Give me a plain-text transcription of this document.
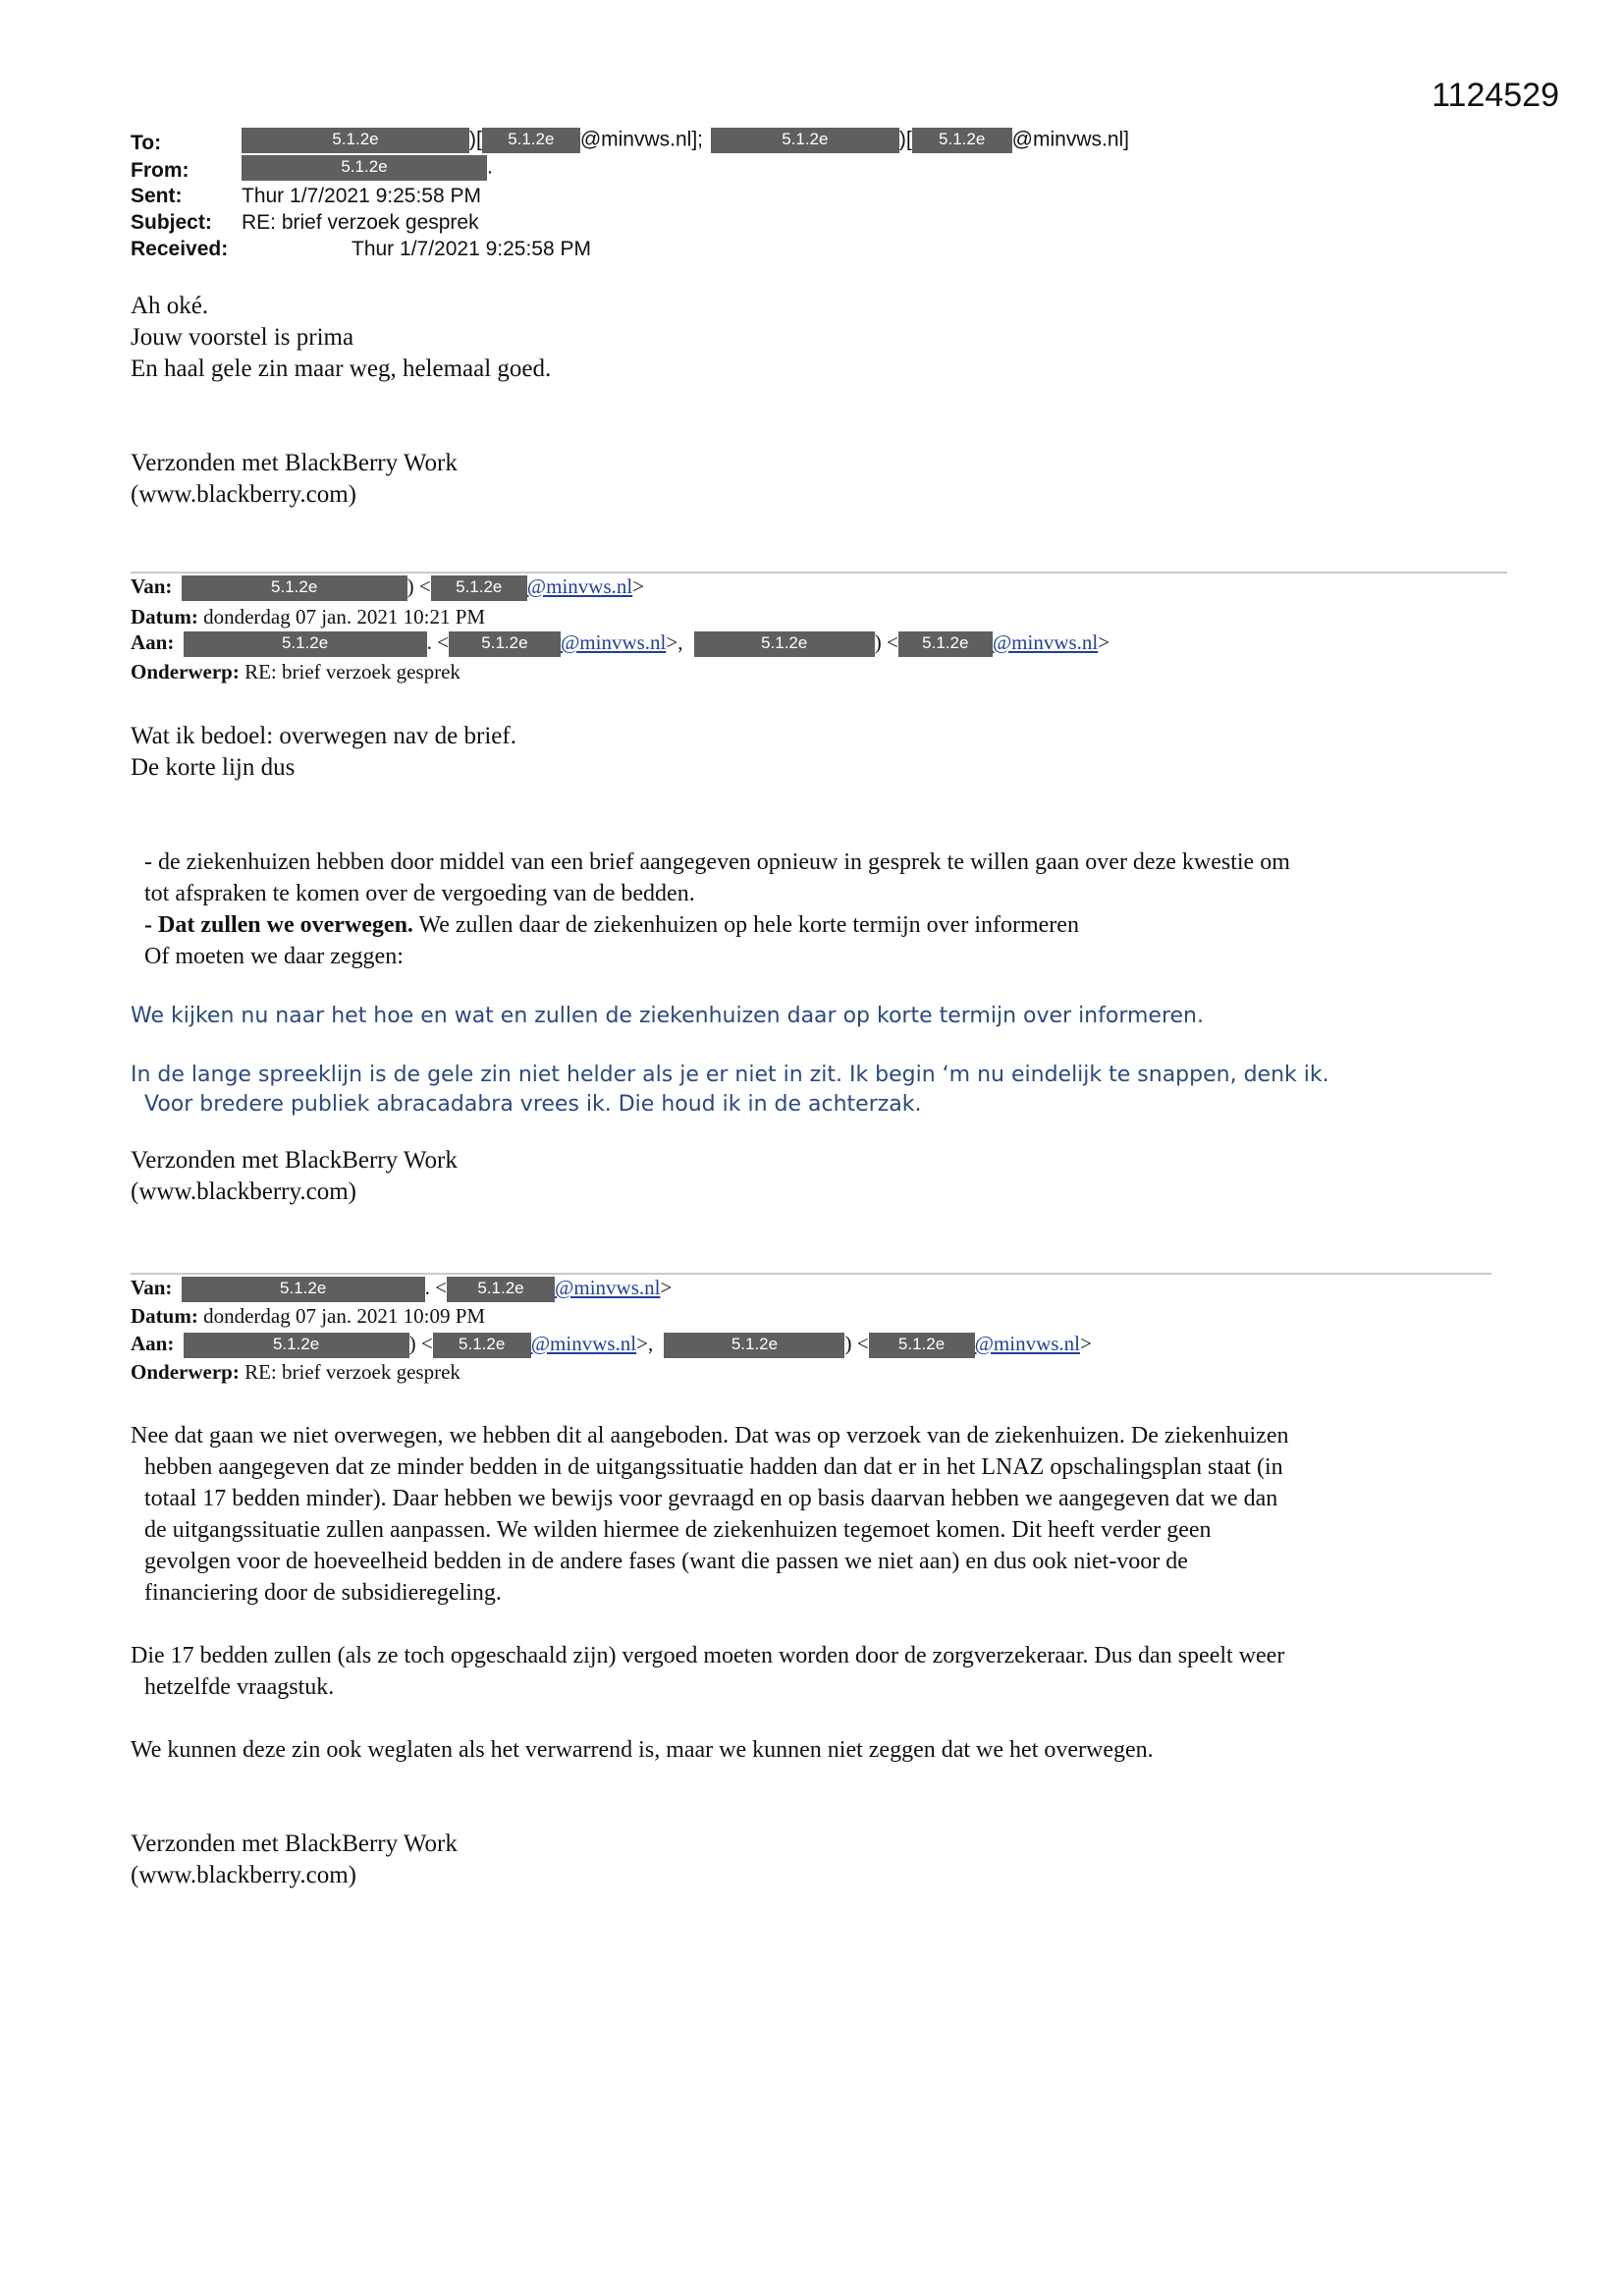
1124529
To:	5.1.2e	)[ 5.1.2e @minvws.nl];	5.1.2e	)[ 5.1.2e @minvws.nl]
From:	5.1.2e	.
Sent:	Thur 1/7/2021 9:25:58 PM
Subject: RE: brief verzoek gesprek
Received:	Thur 1/7/2021 9:25:58 PM
Ah oké.
Jouw voorstel is prima
En haal gele zin maar weg, helemaal goed.
Verzonden met BlackBerry Work
(www.blackberry.com)
Van:	5.1.2e	) < 5.1.2e @minvws.nl>
Datum: donderdag 07 jan. 2021 10:21 PM
Aan:	5.1.2e	. < 5.1.2e @minvws.nl>,	5.1.2e	) < 5.1.2e @minvws.nl>
Onderwerp: RE: brief verzoek gesprek
Wat ik bedoel: overwegen nav de brief.
De korte lijn dus
- de ziekenhuizen hebben door middel van een brief aangegeven opnieuw in gesprek te willen gaan over deze kwestie om
tot afspraken te komen over de vergoeding van de bedden.
- Dat zullen we overwegen. We zullen daar de ziekenhuizen op hele korte termijn over informeren
Of moeten we daar zeggen:
We kijken nu naar het hoe en wat en zullen de ziekenhuizen daar op korte termijn over informeren.
In de lange spreeklijn is de gele zin niet helder als je er niet in zit. Ik begin ‘m nu eindelijk te snappen, denk ik.
Voor bredere publiek abracadabra vrees ik. Die houd ik in de achterzak.
Verzonden met BlackBerry Work
(www.blackberry.com)
Van:	5.1.2e	. < 5.1.2e @minvws.nl>
Datum: donderdag 07 jan. 2021 10:09 PM
Aan:	5.1.2e	) < 5.1.2e @minvws.nl>,	5.1.2e	) < 5.1.2e @minvws.nl>
Onderwerp: RE: brief verzoek gesprek
Nee dat gaan we niet overwegen, we hebben dit al aangeboden. Dat was op verzoek van de ziekenhuizen. De ziekenhuizen
hebben aangegeven dat ze minder bedden in de uitgangssituatie hadden dan dat er in het LNAZ opschalingsplan staat (in
totaal 17 bedden minder). Daar hebben we bewijs voor gevraagd en op basis daarvan hebben we aangegeven dat we dan
de uitgangssituatie zullen aanpassen. We wilden hiermee de ziekenhuizen tegemoet komen. Dit heeft verder geen
gevolgen voor de hoeveelheid bedden in de andere fases (want die passen we niet aan) en dus ook niet-voor de
financiering door de subsidieregeling.
Die 17 bedden zullen (als ze toch opgeschaald zijn) vergoed moeten worden door de zorgverzekeraar. Dus dan speelt weer
hetzelfde vraagstuk.
We kunnen deze zin ook weglaten als het verwarrend is, maar we kunnen niet zeggen dat we het overwegen.
Verzonden met BlackBerry Work
(www.blackberry.com)
